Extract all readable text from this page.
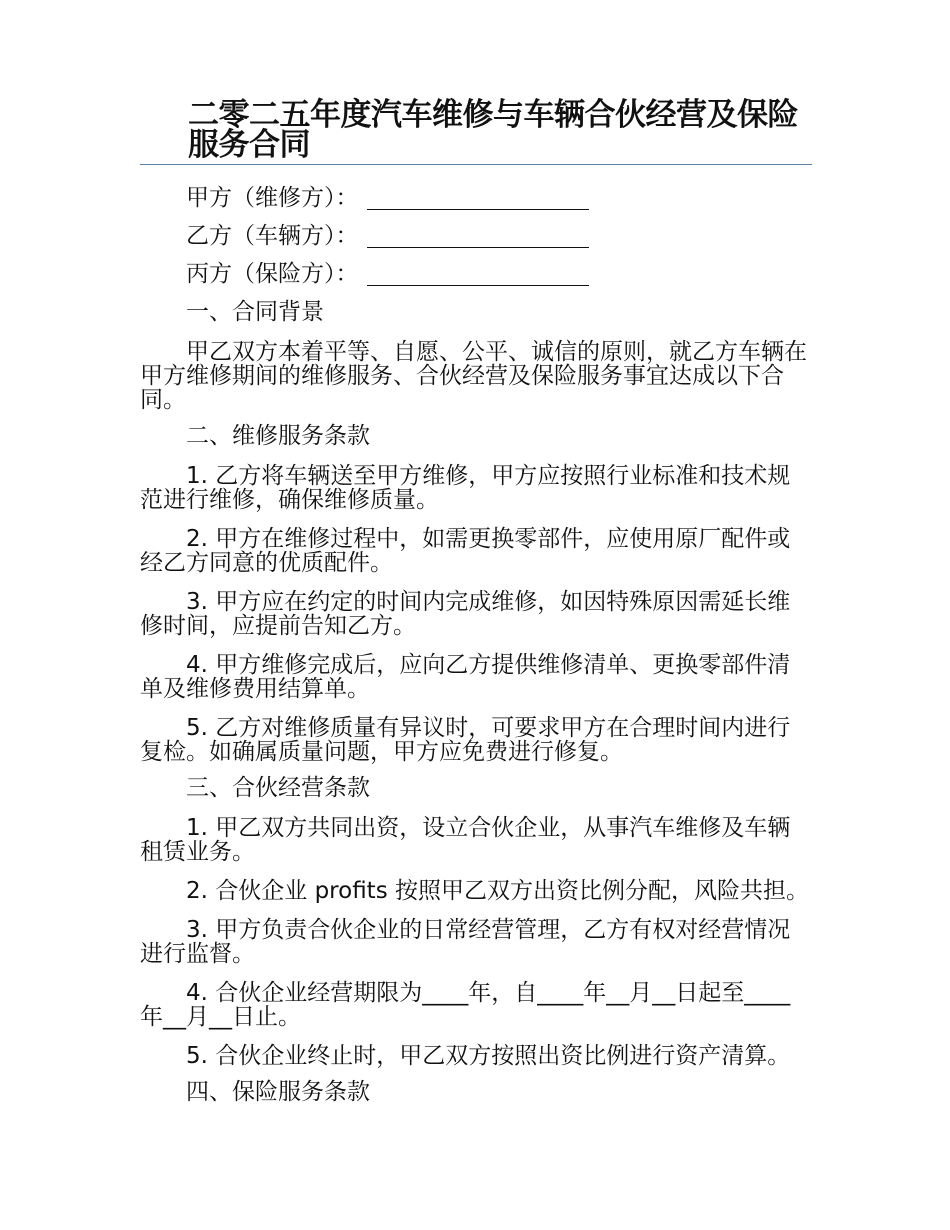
二零二五年度汽车维修与车辆合伙经营及保险服务合同

甲方（维修方）：

乙方（车辆方）：

丙方（保险方）：

一、合同背景

甲乙双方本着平等、自愿、公平、诚信的原则，就乙方车辆在甲方维修期间的维修服务、合伙经营及保险服务事宜达成以下合同。

二、维修服务条款

1. 乙方将车辆送至甲方维修，甲方应按照行业标准和技术规范进行维修，确保维修质量。

2. 甲方在维修过程中，如需更换零部件，应使用原厂配件或经乙方同意的优质配件。

3. 甲方应在约定的时间内完成维修，如因特殊原因需延长维修时间，应提前告知乙方。

4. 甲方维修完成后，应向乙方提供维修清单、更换零部件清单及维修费用结算单。

5. 乙方对维修质量有异议时，可要求甲方在合理时间内进行复检。如确属质量问题，甲方应免费进行修复。

三、合伙经营条款

1. 甲乙双方共同出资，设立合伙企业，从事汽车维修及车辆租赁业务。

2. 合伙企业 profits 按照甲乙双方出资比例分配，风险共担。

3. 甲方负责合伙企业的日常经营管理，乙方有权对经营情况进行监督。

4. 合伙企业经营期限为____年，自____年__月__日起至____年__月__日止。

5. 合伙企业终止时，甲乙双方按照出资比例进行资产清算。

四、保险服务条款
